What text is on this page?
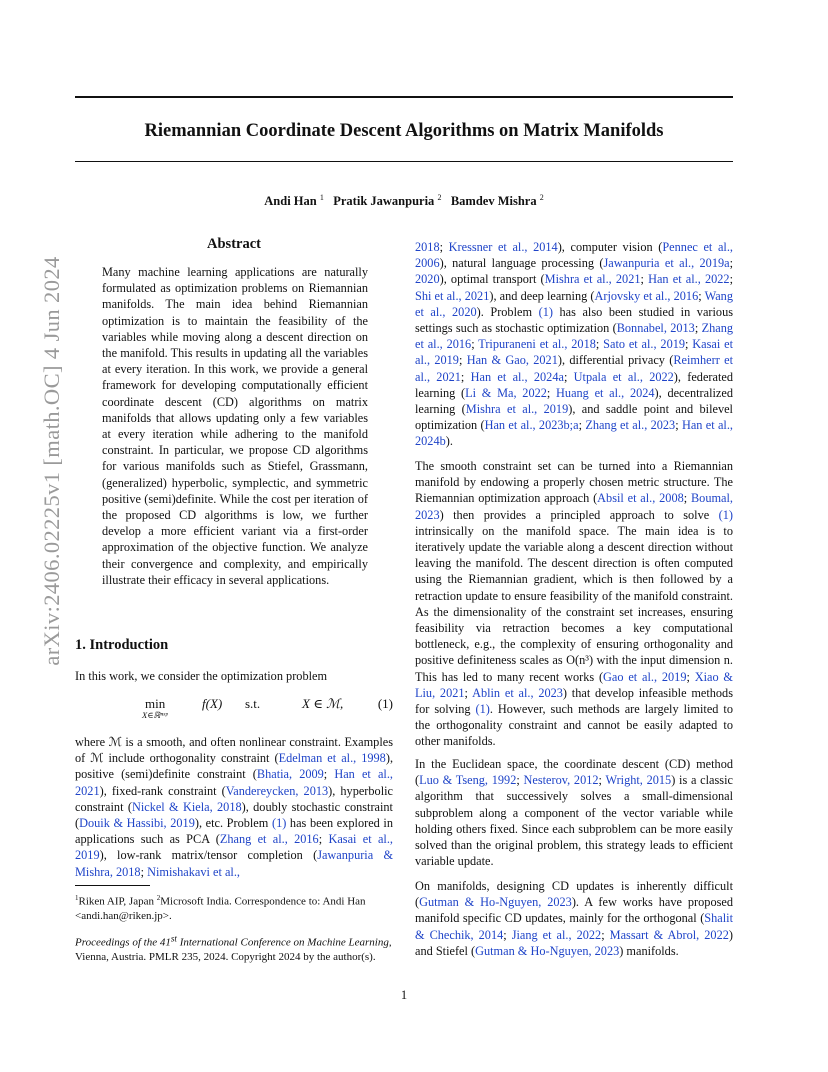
arXiv:2406.02225v1 [math.OC] 4 Jun 2024
Riemannian Coordinate Descent Algorithms on Matrix Manifolds
Andi Han $^1$ Pratik Jawanpuria $^2$ Bamdev Mishra $^2$
Abstract
Many machine learning applications are naturally formulated as optimization problems on Riemannian manifolds. The main idea behind Riemannian optimization is to maintain the feasibility of the variables while moving along a descent direction on the manifold. This results in updating all the variables at every iteration. In this work, we provide a general framework for developing computationally efficient coordinate descent (CD) algorithms on matrix manifolds that allows updating only a few variables at every iteration while adhering to the manifold constraint. In particular, we propose CD algorithms for various manifolds such as Stiefel, Grassmann, (generalized) hyperbolic, symplectic, and symmetric positive (semi)definite. While the cost per iteration of the proposed CD algorithms is low, we further develop a more efficient variant via a first-order approximation of the objective function. We analyze their convergence and complexity, and empirically illustrate their efficacy in several applications.
1. Introduction
In this work, we consider the optimization problem
min
X∈ℝⁿˣᵖ
f(X) s.t.	X ∈ ℳ,	(1)
where ℳ is a smooth, and often nonlinear constraint. Examples of ℳ include orthogonality constraint (Edelman et al., 1998), positive (semi)definite constraint (Bhatia, 2009; Han et al., 2021), fixed-rank constraint (Vandereycken, 2013), hyperbolic constraint (Nickel & Kiela, 2018), doubly stochastic constraint (Douik & Hassibi, 2019), etc. Problem (1) has been explored in applications such as PCA (Zhang et al., 2016; Kasai et al., 2019), low-rank matrix/tensor completion (Jawanpuria & Mishra, 2018; Nimishakavi et al.,
$^1$Riken AIP, Japan $^2$Microsoft India. Correspondence to: Andi Han <andi.han@riken.jp>.
Proceedings of the 41st International Conference on Machine Learning, Vienna, Austria. PMLR 235, 2024. Copyright 2024 by the author(s).
2018; Kressner et al., 2014), computer vision (Pennec et al., 2006), natural language processing (Jawanpuria et al., 2019a; 2020), optimal transport (Mishra et al., 2021; Han et al., 2022; Shi et al., 2021), and deep learning (Arjovsky et al., 2016; Wang et al., 2020). Problem (1) has also been studied in various settings such as stochastic optimization (Bonnabel, 2013; Zhang et al., 2016; Tripuraneni et al., 2018; Sato et al., 2019; Kasai et al., 2019; Han & Gao, 2021), differential privacy (Reimherr et al., 2021; Han et al., 2024a; Utpala et al., 2022), federated learning (Li & Ma, 2022; Huang et al., 2024), decentralized learning (Mishra et al., 2019), and saddle point and bilevel optimization (Han et al., 2023b;a; Zhang et al., 2023; Han et al., 2024b).
The smooth constraint set can be turned into a Riemannian manifold by endowing a properly chosen metric structure. The Riemannian optimization approach (Absil et al., 2008; Boumal, 2023) then provides a principled approach to solve (1) intrinsically on the manifold space. The main idea is to iteratively update the variable along a descent direction without leaving the manifold. The descent direction is often computed using the Riemannian gradient, which is then followed by a retraction update to ensure feasibility of the manifold constraint. As the dimensionality of the constraint set increases, ensuring feasibility via retraction becomes a key computational bottleneck, e.g., the complexity of ensuring orthogonality and positive definiteness scales as O(n³) with the input dimension n. This has led to many recent works (Gao et al., 2019; Xiao & Liu, 2021; Ablin et al., 2023) that develop infeasible methods for solving (1). However, such methods are largely limited to the orthogonality constraint and cannot be easily adapted to other manifolds.
In the Euclidean space, the coordinate descent (CD) method (Luo & Tseng, 1992; Nesterov, 2012; Wright, 2015) is a classic algorithm that successively solves a small-dimensional subproblem along a component of the vector variable while holding others fixed. Since each subproblem can be more easily solved than the original problem, this strategy leads to efficient variable update.
On manifolds, designing CD updates is inherently difficult (Gutman & Ho-Nguyen, 2023). A few works have proposed manifold specific CD updates, mainly for the orthogonal (Shalit & Chechik, 2014; Jiang et al., 2022; Massart & Abrol, 2022) and Stiefel (Gutman & Ho-Nguyen, 2023) manifolds.
1
